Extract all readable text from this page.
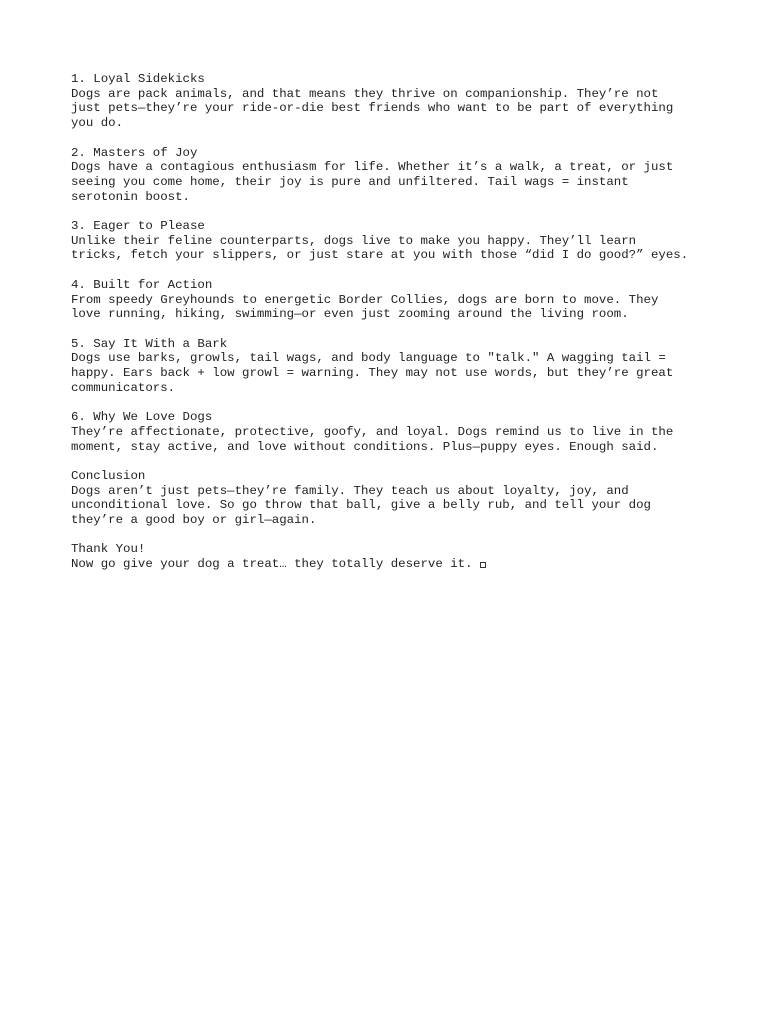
1. Loyal Sidekicks
Dogs are pack animals, and that means they thrive on companionship. They’re not
just pets—they’re your ride-or-die best friends who want to be part of everything
you do.
2. Masters of Joy
Dogs have a contagious enthusiasm for life. Whether it’s a walk, a treat, or just
seeing you come home, their joy is pure and unfiltered. Tail wags = instant
serotonin boost.
3. Eager to Please
Unlike their feline counterparts, dogs live to make you happy. They’ll learn
tricks, fetch your slippers, or just stare at you with those “did I do good?” eyes.
4. Built for Action
From speedy Greyhounds to energetic Border Collies, dogs are born to move. They
love running, hiking, swimming—or even just zooming around the living room.
5. Say It With a Bark
Dogs use barks, growls, tail wags, and body language to "talk." A wagging tail =
happy. Ears back + low growl = warning. They may not use words, but they’re great
communicators.
6. Why We Love Dogs
They’re affectionate, protective, goofy, and loyal. Dogs remind us to live in the
moment, stay active, and love without conditions. Plus—puppy eyes. Enough said.
Conclusion
Dogs aren’t just pets—they’re family. They teach us about loyalty, joy, and
unconditional love. So go throw that ball, give a belly rub, and tell your dog
they’re a good boy or girl—again.
Thank You!
Now go give your dog a treat… they totally deserve it.
